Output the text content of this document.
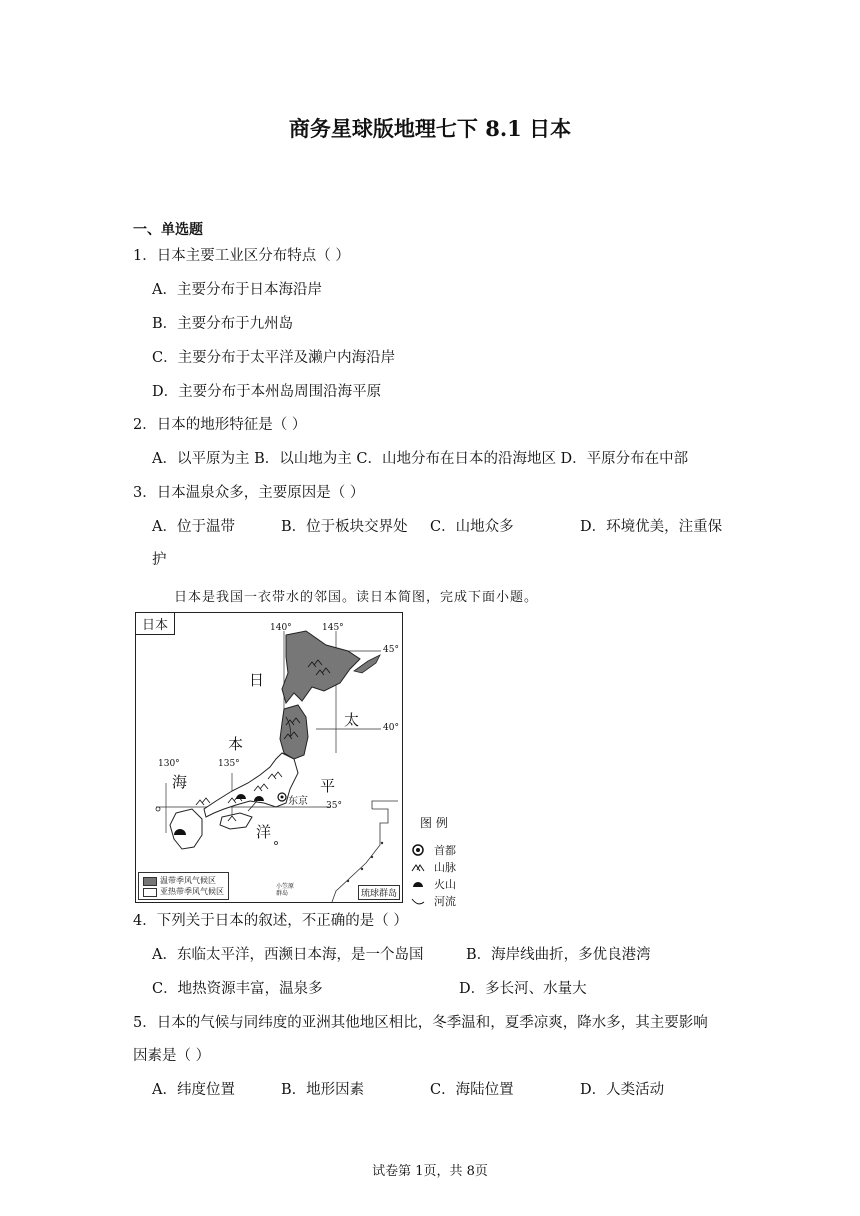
商务星球版地理七下 8.1 日本
一、单选题
1．日本主要工业区分布特点（ ）
A．主要分布于日本海沿岸
B．主要分布于九州岛
C．主要分布于太平洋及濑户内海沿岸
D．主要分布于本州岛周围沿海平原
2．日本的地形特征是（ ）
A．以平原为主 B．以山地为主 C．山地分布在日本的沿海地区 D．平原分布在中部
3．日本温泉众多，主要原因是（ ）
A．位于温带	B．位于板块交界处 C．山地众多	D．环境优美，注重保
护
日本是我国一衣带水的邻国。读日本简图，完成下面小题。
日本
日
本
海
太
平
洋
140°	145°
130°	135°
45°
40°
35°
东京
温带季风气候区
亚热带季风气候区
小笠原群岛	琉球群岛
图 例
首都
山脉
火山
河流
4．下列关于日本的叙述，不正确的是（ ）
A．东临太平洋，西濒日本海，是一个岛国	B．海岸线曲折，多优良港湾
C．地热资源丰富，温泉多	D．多长河、水量大
5．日本的气候与同纬度的亚洲其他地区相比，冬季温和，夏季凉爽，降水多，其主要影响
因素是（ ）
A．纬度位置	B．地形因素	C．海陆位置	D．人类活动
试卷第 1页，共 8页
